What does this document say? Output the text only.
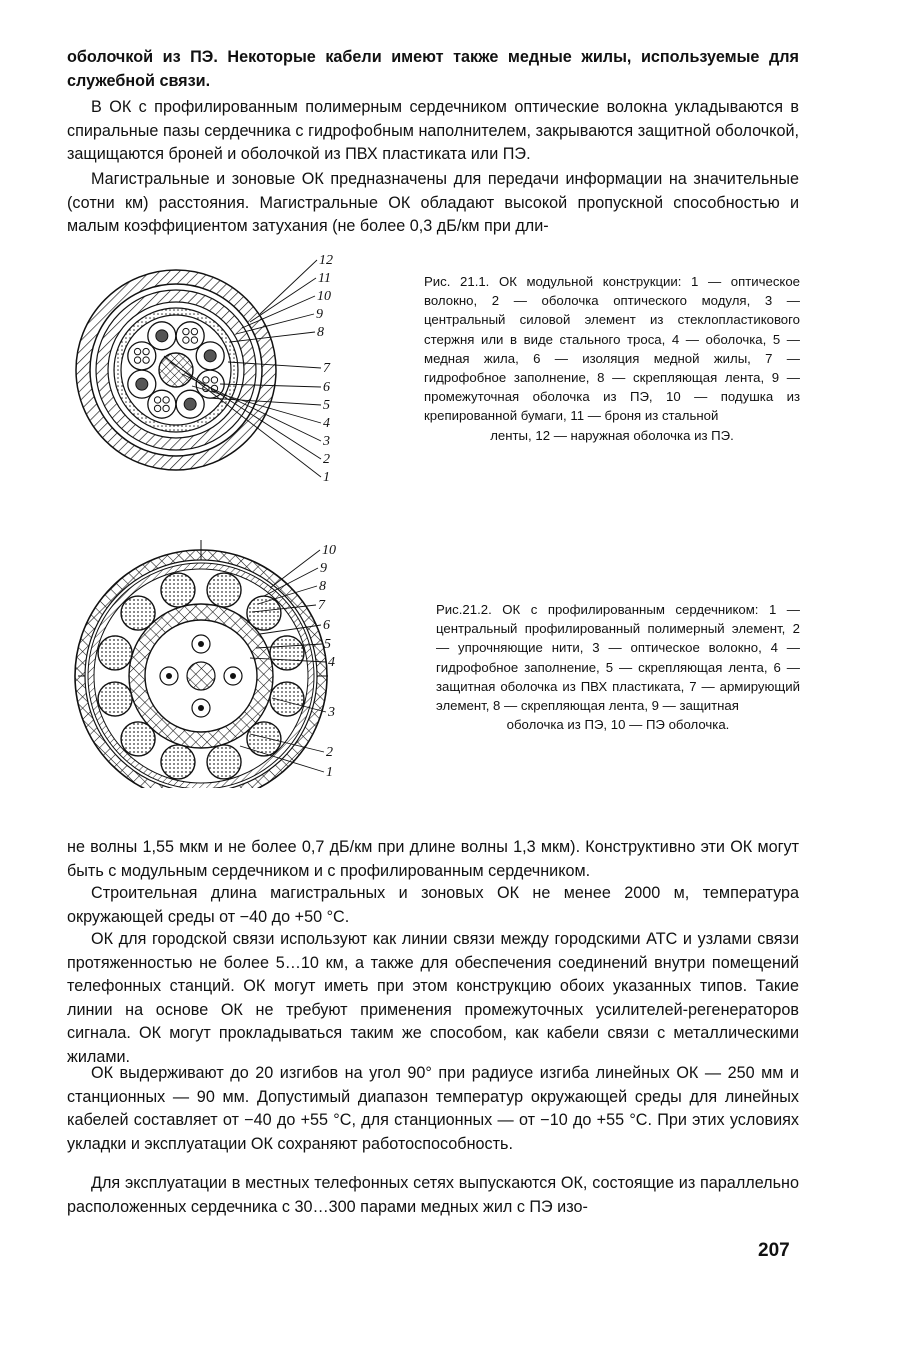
оболочкой из ПЭ. Некоторые кабели имеют также медные жилы, используемые для служебной связи.

В ОК с профилированным полимерным сердечником оптические волокна укладываются в спиральные пазы сердечника с гидрофобным наполнителем, закрываются защитной оболочкой, защищаются броней и оболочкой из ПВХ пластиката или ПЭ.

Магистральные и зоновые ОК предназначены для передачи информации на значительные (сотни км) расстояния. Магистральные ОК обладают высокой пропускной способностью и малым коэффициентом затухания (не более 0,3 дБ/км при дли-

12
11
10
9
8
7
6
5
4
3
2
1

Рис. 21.1. ОК модульной конструкции: 1 — оптическое волокно, 2 — оболочка оптического модуля, 3 — центральный силовой элемент из стеклопластикового стержня или в виде стального троса, 4 — оболочка, 5 — медная жила, 6 — изоляция медной жилы, 7 — гидрофобное заполнение, 8 — скрепляющая лента, 9 — промежуточная оболочка из ПЭ, 10 — подушка из крепированной бумаги, 11 — броня из стальной
ленты, 12 — наружная оболочка из ПЭ.

10
9
8
7
6
5
4
3
2
1

Рис.21.2. ОК с профилированным сердечником: 1 — центральный профилированный полимерный элемент, 2 — упрочняющие нити, 3 — оптическое волокно, 4 — гидрофобное заполнение, 5 — скрепляющая лента, 6 — защитная оболочка из ПВХ пластиката, 7 — армирующий элемент, 8 — скрепляющая лента, 9 — защитная
оболочка из ПЭ, 10 — ПЭ оболочка.

не волны 1,55 мкм и не более 0,7 дБ/км при длине волны 1,3 мкм). Конструктивно эти ОК могут быть с модульным сердечником и с профилированным сердечником.

Строительная длина магистральных и зоновых ОК не менее 2000 м, температура окружающей среды от −40 до +50 °С.

ОК для городской связи используют как линии связи между городскими АТС и узлами связи протяженностью не более 5…10 км, а также для обеспечения соединений внутри помещений телефонных станций. ОК могут иметь при этом конструкцию обоих указанных типов. Такие линии на основе ОК не требуют применения промежуточных усилителей-регенераторов сигнала. ОК могут прокладываться таким же способом, как кабели связи с металлическими жилами.

ОК выдерживают до 20 изгибов на угол 90° при радиусе изгиба линейных ОК — 250 мм и станционных — 90 мм. Допустимый диапазон температур окружающей среды для линейных кабелей составляет от −40 до +55 °С, для станционных — от −10 до +55 °С. При этих условиях укладки и эксплуатации ОК сохраняют работоспособность.

Для эксплуатации в местных телефонных сетях выпускаются ОК, состоящие из параллельно расположенных сердечника с 30…300 парами медных жил с ПЭ изо-

207
